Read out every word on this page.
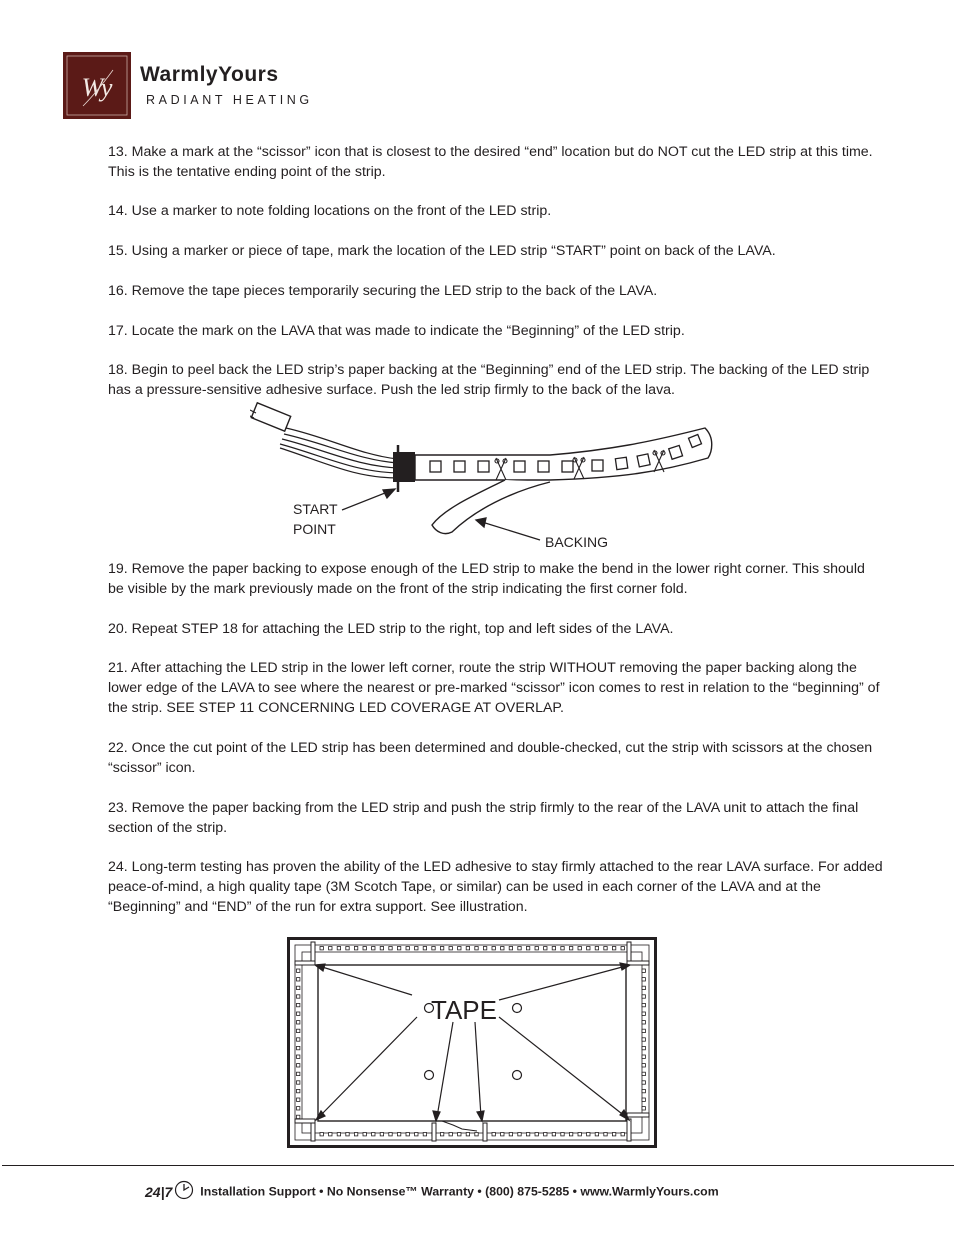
Wy WarmlyYours
RADIANT HEATING

13. Make a mark at the “scissor” icon that is closest to the desired “end” location but do NOT cut the LED strip at this time. This is the tentative ending point of the strip.

14. Use a marker to note folding locations on the front of the LED strip.

15. Using a marker or piece of tape, mark the location of the LED strip “START” point on back of the LAVA.

16. Remove the tape pieces temporarily securing the LED strip to the back of the LAVA.

17. Locate the mark on the LAVA that was made to indicate the “Beginning” of the LED strip.

18. Begin to peel back the LED strip’s paper backing at the “Beginning” end of the LED strip. The backing of the LED strip has a pressure-sensitive adhesive surface. Push the led strip firmly to the back of the lava.

START
POINT
BACKING

19. Remove the paper backing to expose enough of the LED strip to make the bend in the lower right corner. This should be visible by the mark previously made on the front of the strip indicating the first corner fold.

20. Repeat STEP 18 for attaching the LED strip to the right, top and left sides of the LAVA.

21. After attaching the LED strip in the lower left corner, route the strip WITHOUT removing the paper backing along the lower edge of the LAVA to see where the nearest or pre-marked “scissor” icon comes to rest in relation to the “beginning” of the strip. SEE STEP 11 CONCERNING LED COVERAGE AT OVERLAP.

22. Once the cut point of the LED strip has been determined and double-checked, cut the strip with scissors at the chosen “scissor” icon.

23. Remove the paper backing from the LED strip and push the strip firmly to the rear of the LAVA unit to attach the final section of the strip.

24. Long-term testing has proven the ability of the LED adhesive to stay firmly attached to the rear LAVA surface. For added peace-of-mind, a high quality tape (3M Scotch Tape, or similar) can be used in each corner of the LAVA and at the “Beginning” and “END” of the run for extra support. See illustration.

TAPE
24|7 Installation Support • No Nonsense™ Warranty • (800) 875-5285 • www.WarmlyYours.com
